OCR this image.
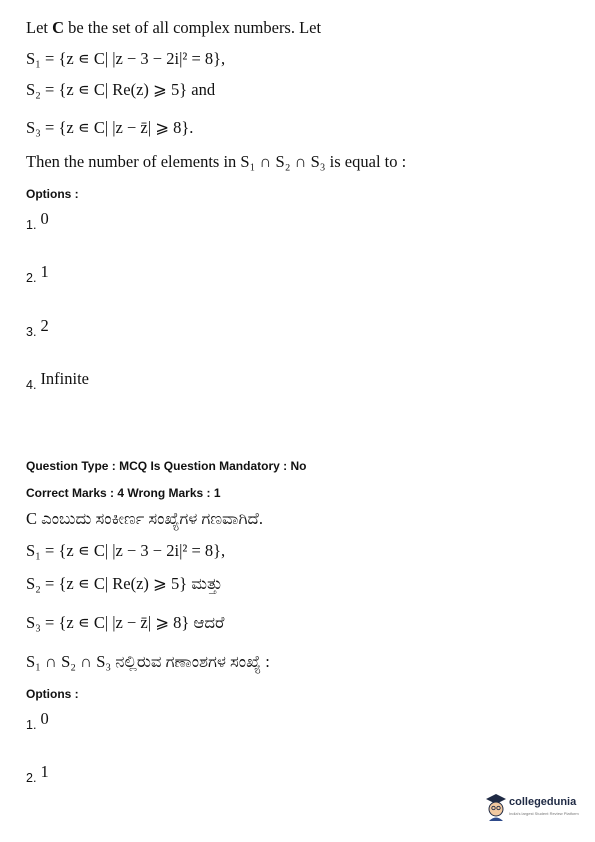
Let C be the set of all complex numbers. Let
S₁ = {z ∊ C| |z − 3 − 2i|² = 8},
S₂ = {z ∊ C| Re(z) ⩾ 5} and
S₃ = {z ∊ C| |z − z̄| ⩾ 8}.
Then the number of elements in S₁ ∩ S₂ ∩ S₃ is equal to :
Options :
$_{1.}$ 0
$_{2.}$ 1
$_{3.}$ 2
$_{4.}$ Infinite
Question Type : MCQ Is Question Mandatory : No
Correct Marks : 4 Wrong Marks : 1
C ಎಂಬುದು ಸಂಕೀರ್ಣ ಸಂಖ್ಯೆಗಳ ಗಣವಾಗಿದೆ.
S₁ = {z ∊ C| |z − 3 − 2i|² = 8},
S₂ = {z ∊ C| Re(z) ⩾ 5} ಮತ್ತು
S₃ = {z ∊ C| |z − z̄| ⩾ 8} ಆದರೆ
S₁ ∩ S₂ ∩ S₃ ನಲ್ಲಿರುವ ಗಣಾಂಶಗಳ ಸಂಖ್ಯೆ :
Options :
$_{1.}$ 0
$_{2.}$ 1
collegedunia
India's largest Student Review Platform
